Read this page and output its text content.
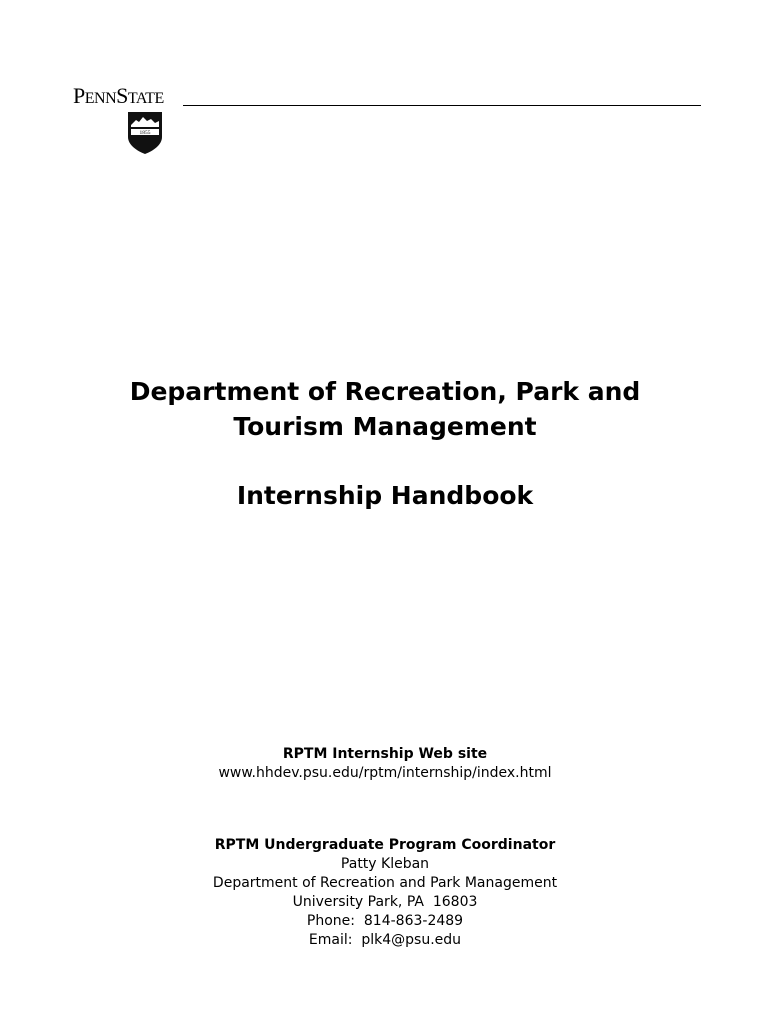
PENNSTATE
1855
Department of Recreation, Park and
Tourism Management
Internship Handbook
RPTM Internship Web site
www.hhdev.psu.edu/rptm/internship/index.html
RPTM Undergraduate Program Coordinator
Patty Kleban
Department of Recreation and Park Management
University Park, PA  16803
Phone:  814-863-2489
Email:  plk4@psu.edu
